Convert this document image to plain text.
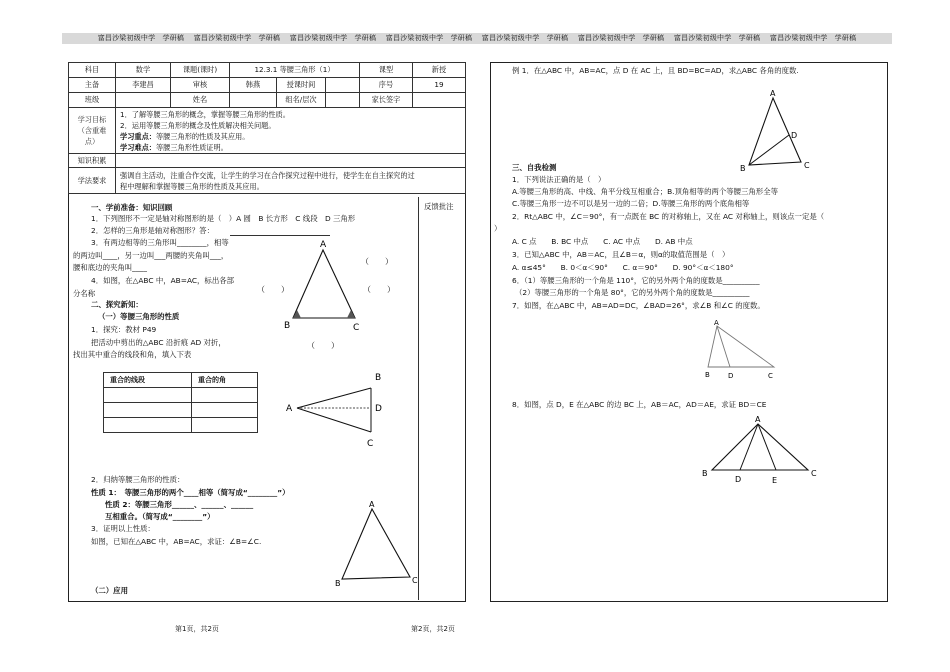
富昌沙梁初级中学　学研稿　 富昌沙梁初级中学　学研稿　 富昌沙梁初级中学　学研稿　 富昌沙梁初级中学　学研稿　 富昌沙梁初级中学　学研稿　 富昌沙梁初级中学　学研稿　 富昌沙梁初级中学　学研稿　 富昌沙梁初级中学　学研稿
科目	数学	课题(课时)	12.3.1 等腰三角形（1）			课型	新授
主备	李建昌	审核	韩燕	授课时间		序号	19
班级		姓名		组名/层次		家长签字	
学习目标（含重难点）	1．了解等腰三角形的概念，掌握等腰三角形的性质。
2．运用等腰三角形的概念及性质解决相关问题。
学习重点：等腰三角形的性质及其应用。
学习难点：等腰三角形性质证明。						

知识积累							
学法要求	强调自主活动，注重合作交流，让学生的学习在合作探究过程中进行，使学生在自主探究的过
程中理解和掌握等腰三角形的性质及其应用。						
反馈批注
一、学前准备：知识回顾
1．下列图形不一定是轴对称图形的是（　）A 圆　B 长方形　C 线段　D 三角形
2．怎样的三角形是轴对称图形？答：
3．有两边相等的三角形叫________，相等
的两边叫____，另一边叫___两腰的夹角叫___，
腰和底边的夹角叫____
4．如图，在△ABC 中，AB=AC，标出各部
分名称
A
B	C
（　　）
（　　）	（　　）
（　　）
二、探究新知：
（一）等腰三角形的性质
1．探究：教材 P49
把活动中剪出的△ABC 沿折痕 AD 对折，
找出其中重合的线段和角，填入下表
重合的线段	重合的角

A
B
D
C
2．归纳等腰三角形的性质：
性质 1：　等腰三角形的两个____相等（简写成“________”）
性质 2：等腰三角形______、______、______
互相重合。（简写成“________”）
3．证明以上性质：
如图，已知在△ABC 中，AB=AC，求证：∠B=∠C.
A
B	C
（二）应用
例 1．在△ABC 中，AB=AC，点 D 在 AC 上，且 BD=BC=AD，求△ABC 各角的度数.
A
D
B	C
三、自我检测
1．下列说法正确的是（　）
A.等腰三角形的高、中线、角平分线互相重合；B.顶角相等的两个等腰三角形全等
C.等腰三角形一边不可以是另一边的二倍；D.等腰三角形的两个底角相等
2．Rt△ABC 中，∠C＝90°，有一点既在 BC 的对称轴上，又在 AC 对称轴上，则该点一定是（
）
A. C 点　　B. BC 中点　　C. AC 中点　　D. AB 中点
3．已知△ABC 中，AB＝AC，且∠B＝α，则α的取值范围是（　）
A. α≤45°　　B. 0＜α＜90°　　C. α＝90°　　D. 90°＜α＜180°
6．（1）等腰三角形的一个角是 110°，它的另外两个角的度数是__________
（2）等腰三角形的一个角是 80°，它的另外两个角的度数是__________
7．如图，在△ABC 中，AB=AD=DC，∠BAD=26°，求∠B 和∠C 的度数。
A
B	D	C
8．如图，点 D，E 在△ABC 的边 BC 上，AB＝AC，AD＝AE，求证 BD＝CE
A
B
D	E
C
第1页，共2页	第2页，共2页
